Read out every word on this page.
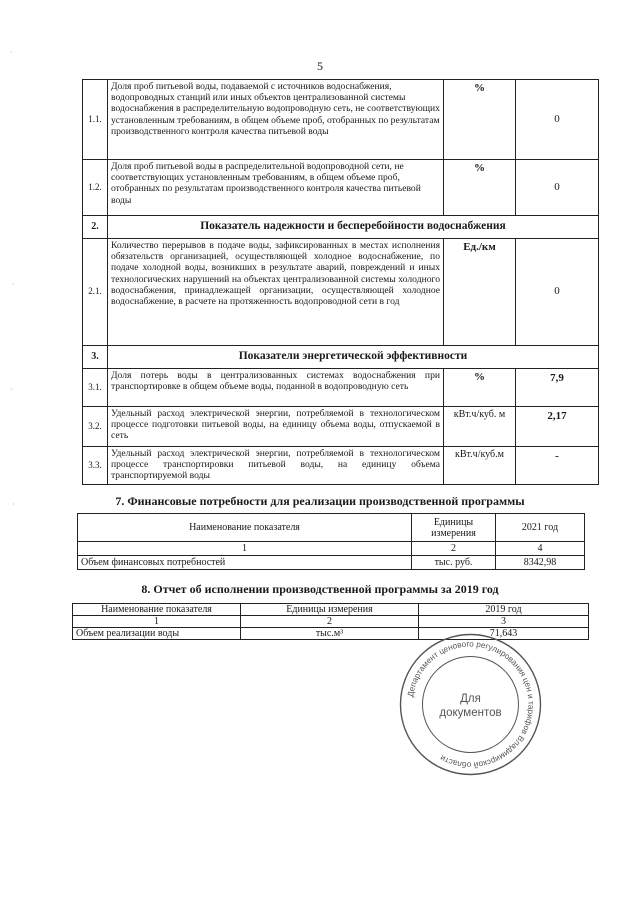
5
1.1.	Доля проб питьевой воды, подаваемой с источников водоснабжения, водопроводных станций или иных объектов централизованной системы водоснабжения в распределительную водопроводную сеть, не соответствующих установленным требованиям, в общем объеме проб, отобранных по результатам производственного контроля качества питьевой воды	%	0
1.2.	Доля проб питьевой воды в распределительной водопроводной сети, не соответствующих установленным требованиям, в общем объеме проб, отобранных по результатам производственного контроля качества питьевой воды	%	0
2.	Показатель надежности и бесперебойности водоснабжения		
2.1.	Количество перерывов в подаче воды, зафиксированных в местах исполнения обязательств организацией, осуществляющей холодное водоснабжение, по подаче холодной воды, возникших в результате аварий, повреждений и иных технологических нарушений на объектах централизованной системы холодного водоснабжения, принадлежащей организации, осуществляющей холодное водоснабжение, в расчете на протяженность водопроводной сети в год	Ед./км	0
3.	Показатели энергетической эффективности		
3.1.	Доля потерь воды в централизованных системах водоснабжения при транспортировке в общем объеме воды, поданной в водопроводную сеть	%	7,9
3.2.	Удельный расход электрической энергии, потребляемой в технологическом процессе подготовки питьевой воды, на единицу объема воды, отпускаемой в сеть	кВт.ч/куб. м	2,17
3.3.	Удельный расход электрической энергии, потребляемой в технологическом процессе транспортировки питьевой воды, на единицу объема транспортируемой воды	кВт.ч/куб.м	-
7. Финансовые потребности для реализации производственной программы
Наименование показателя	Единицы измерения	2021 год
1	2	4
Объем финансовых потребностей	тыс. руб.	8342,98
8. Отчет об исполнении производственной программы за 2019 год
Наименование показателя	Единицы измерения	2019 год
1	2	3
Объем реализации воды	тыс.м³	71,643
Департамент ценового регулирования цен и тарифов Владимирской области
Для
документов
·
·
·
·
